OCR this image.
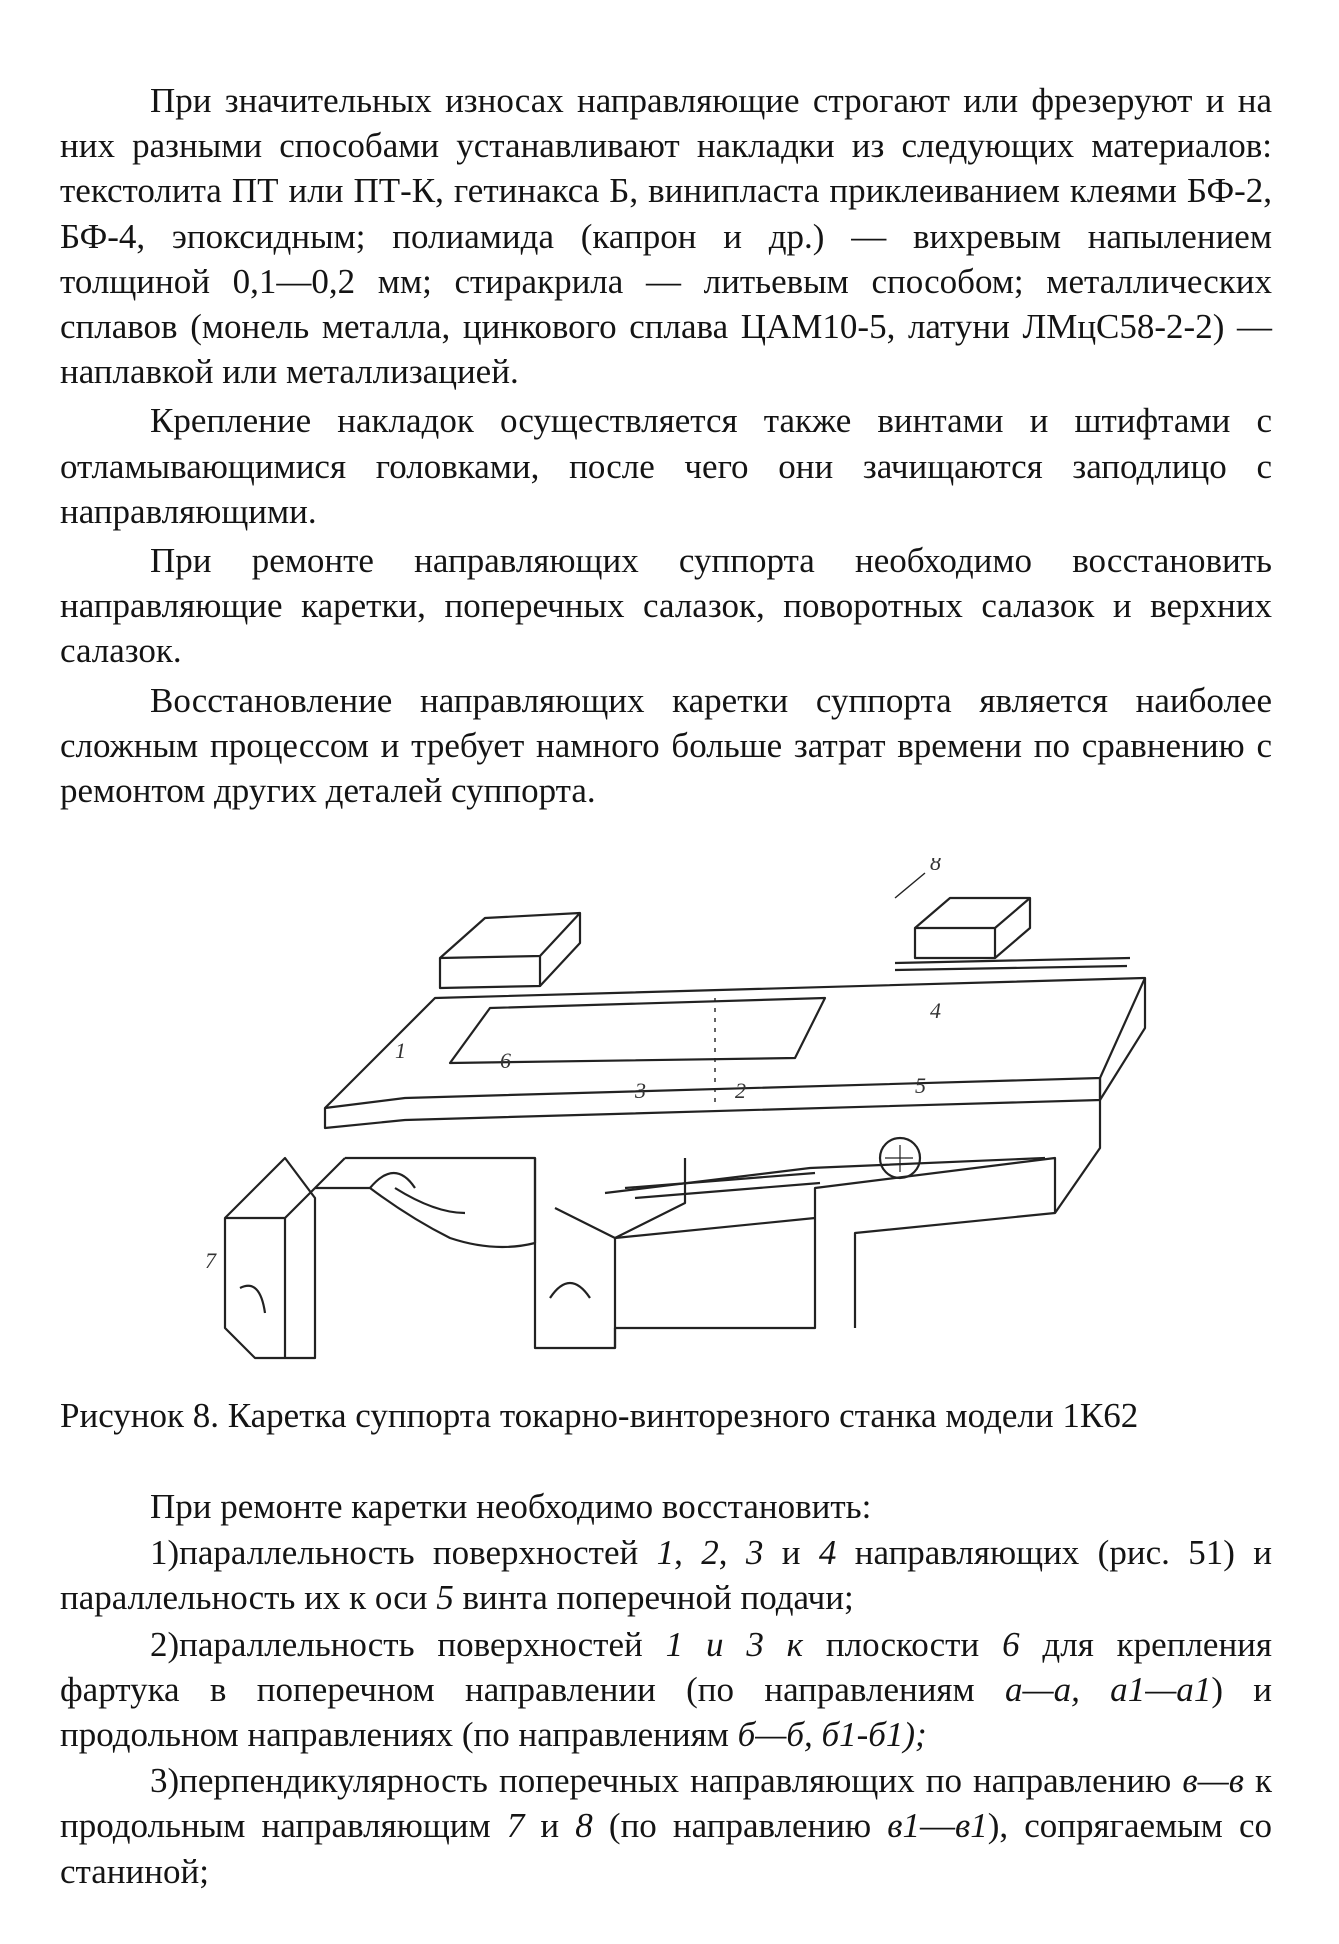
При значительных износах направляющие строгают или фрезеруют и на них разными способами устанавливают накладки из следующих материалов: текстолита ПТ или ПТ-К, гетинакса Б, винипласта приклеиванием клеями БФ-2, БФ-4, эпоксидным; полиамида (капрон и др.) — вихревым напылением толщиной 0,1—0,2 мм; стиракрила — литьевым способом; металлических сплавов (монель металла, цинкового сплава ЦАМ10-5, латуни ЛМцС58-2-2) — наплавкой или металлизацией.

Крепление накладок осуществляется также винтами и штифтами с отламывающимися головками, после чего они зачищаются заподлицо с направляющими.

При ремонте направляющих суппорта необходимо восстановить направляющие каретки, поперечных салазок, поворотных салазок и верхних салазок.

Восстановление направляющих каретки суппорта является наиболее сложным процессом и требует намного больше затрат времени по сравнению с ремонтом других деталей суппорта.

8
6
1
2
3
4
5
7
Рисунок 8. Каретка суппорта токарно-винторезного станка модели 1К62

При ремонте каретки необходимо восстановить:

1)параллельность поверхностей 1, 2, 3 и 4 направляющих (рис. 51) и параллельность их к оси 5 винта поперечной подачи;

2)параллельность поверхностей 1 и 3 к плоскости 6 для крепления фартука в поперечном направлении (по направлениям а—а, а1—а1) и продольном направлениях (по направлениям б—б, б1-б1);

3)перпендикулярность поперечных направляющих по направлению в—в к продольным направляющим 7 и 8 (по направлению в1—в1), сопрягаемым со станиной;
